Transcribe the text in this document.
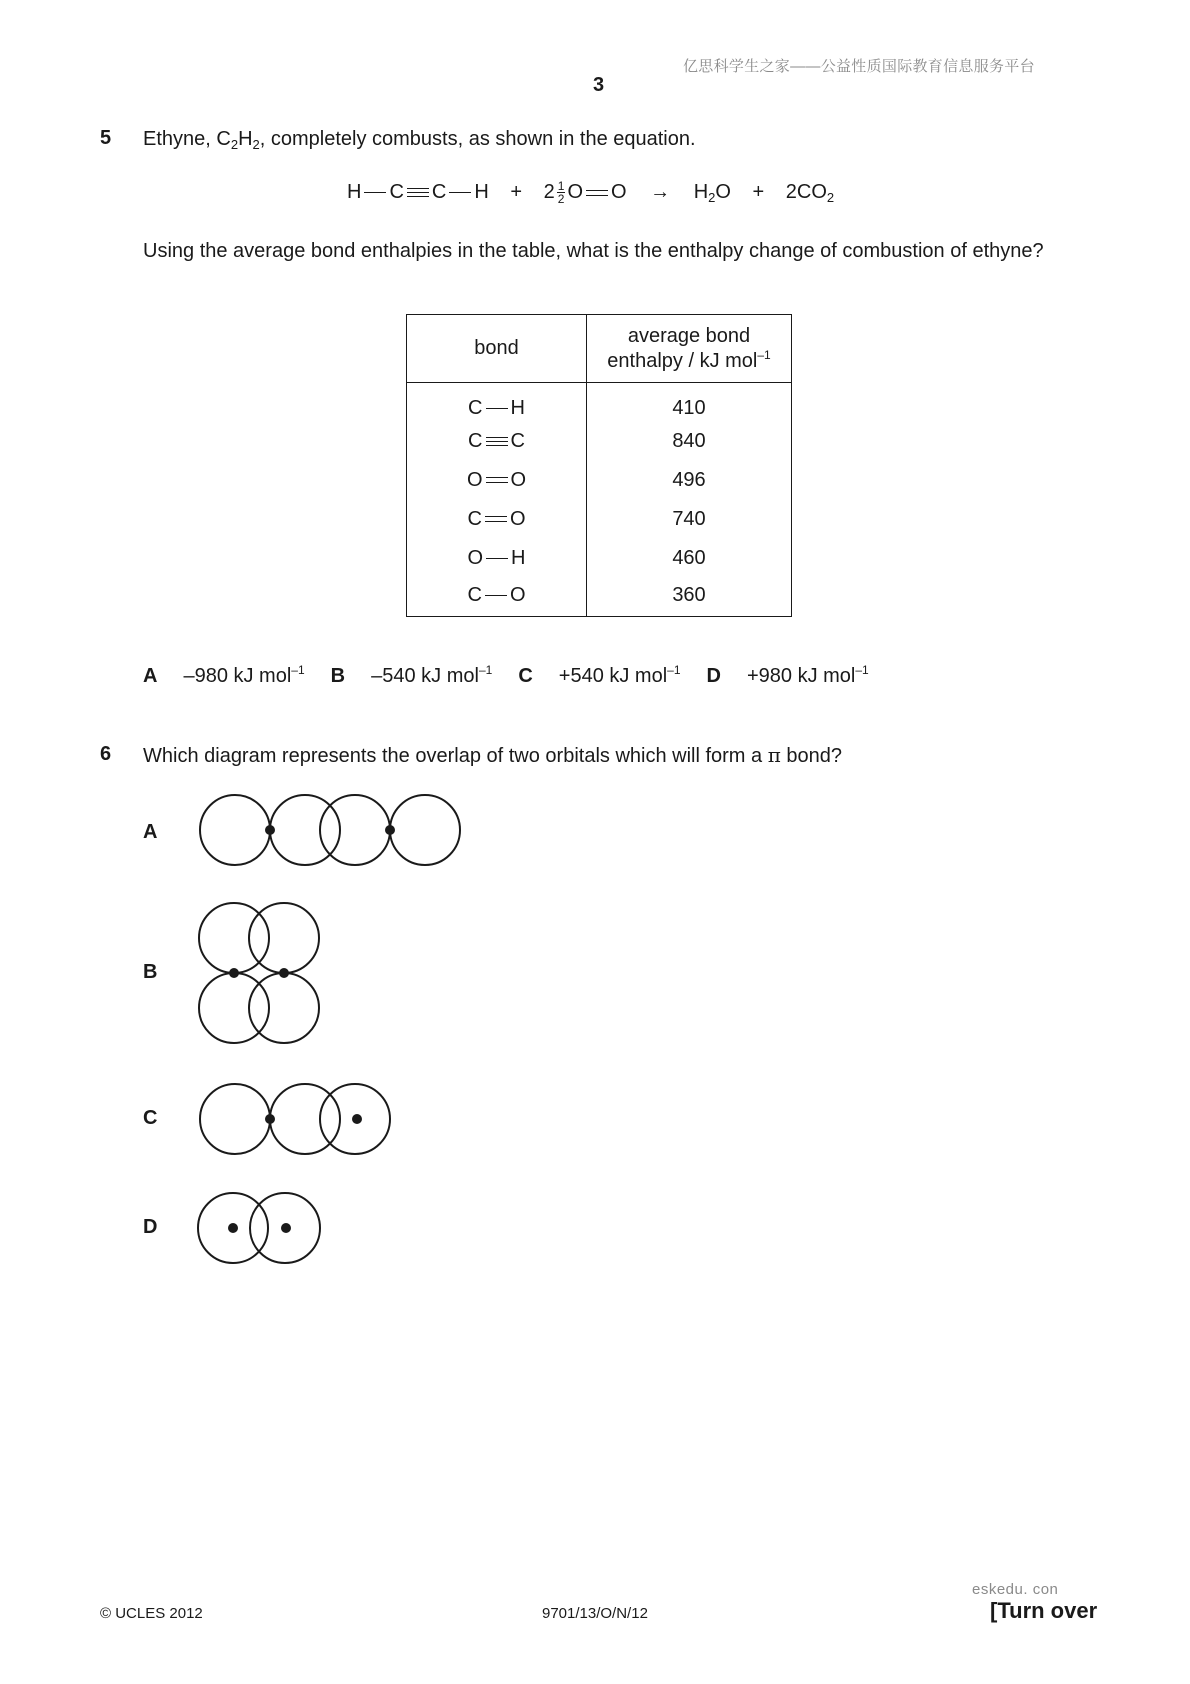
亿思科学生之家——公益性质国际教育信息服务平台
3
5 Ethyne, $C_2H_2$, completely combusts, as shown in the equation.
H C C $H + 2 \frac{1}{2}$ O $O \to H_2O + 2CO_2$
Using the average bond enthalpies in the table, what is the enthalpy change of combustion of ethyne?
bond	average bond
enthalpy / kJ mol$^{-1}$
C H	410
C C	840
O O	496
C O	740
O H	460
C O	360
A –980 kJ mol$^{-1}$ B –540 kJ mol$^{-1}$ C +540 kJ mol$^{-1}$ D +980 kJ mol$^{-1}$
6 Which diagram represents the overlap of two orbitals which will form a π bond?
A
B
C
D
eskedu. con
© UCLES 2012	9701/13/O/N/12	[Turn over
